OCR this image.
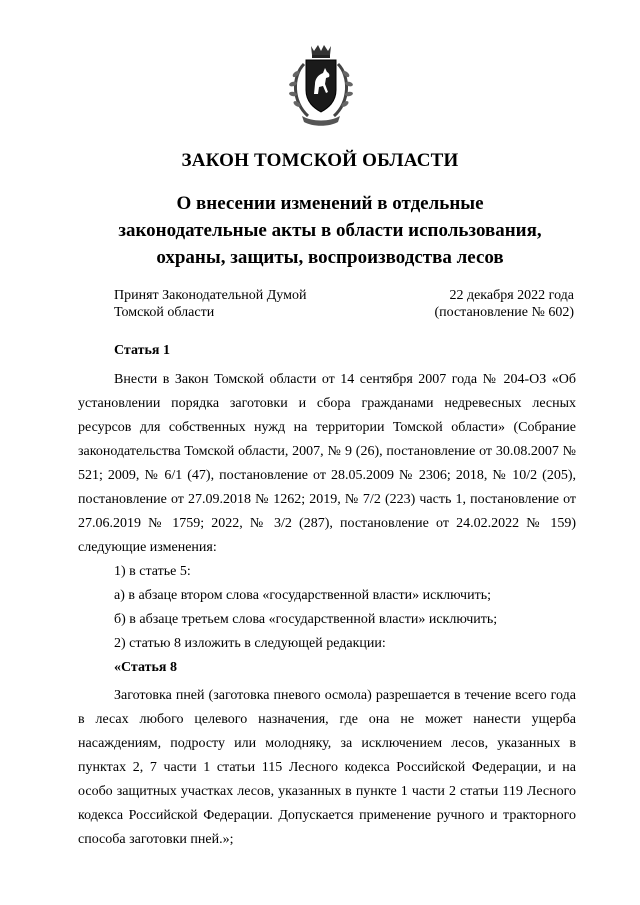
ЗАКОН ТОМСКОЙ ОБЛАСТИ
О внесении изменений в отдельные
законодательные акты в области использования,
охраны, защиты, воспроизводства лесов
Принят Законодательной Думой
Томской области
22 декабря 2022 года
(постановление № 602)

Статья 1

Внести в Закон Томской области от 14 сентября 2007 года № 204-ОЗ «Об установлении порядка заготовки и сбора гражданами недревесных лесных ресурсов для собственных нужд на территории Томской области» (Собрание законодательства Томской области, 2007, № 9 (26), постановление от 30.08.2007 № 521; 2009, № 6/1 (47), постановление от 28.05.2009 № 2306; 2018, № 10/2 (205), постановление от 27.09.2018 № 1262; 2019, № 7/2 (223) часть 1, постановление от 27.06.2019 № 1759; 2022, № 3/2 (287), постановление от 24.02.2022 № 159) следующие изменения:

1) в статье 5:

а) в абзаце втором слова «государственной власти» исключить;

б) в абзаце третьем слова «государственной власти» исключить;

2) статью 8 изложить в следующей редакции:

«Статья 8

Заготовка пней (заготовка пневого осмола) разрешается в течение всего года в лесах любого целевого назначения, где она не может нанести ущерба насаждениям, подросту или молодняку, за исключением лесов, указанных в пунктах 2, 7 части 1 статьи 115 Лесного кодекса Российской Федерации, и на особо защитных участках лесов, указанных в пункте 1 части 2 статьи 119 Лесного кодекса Российской Федерации. Допускается применение ручного и тракторного способа заготовки пней.»;
